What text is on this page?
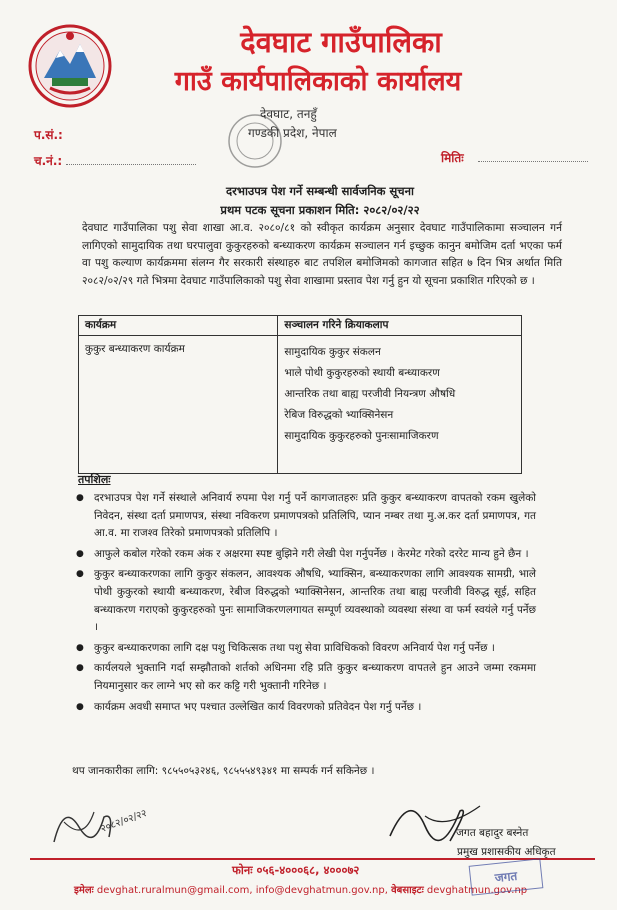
देवघाट गाउँपालिका
गाउँ कार्यपालिकाको कार्यालय
देवघाट, तनहुँ
गण्डकी प्रदेश, नेपाल
प.सं.:
च.नं.:	मितिः
दरभाउपत्र पेश गर्ने सम्बन्धी सार्वजनिक सूचना
प्रथम पटक सूचना प्रकाशन मिति: २०८२/०२/२२
देवघाट गाउँपालिका पशु सेवा शाखा आ.व. २०८०/८१ को स्वीकृत कार्यक्रम अनुसार देवघाट गाउँपालिकामा सञ्चालन गर्न लागिएको सामुदायिक तथा घरपालुवा कुकुरहरुको बन्ध्याकरण कार्यक्रम सञ्चालन गर्न इच्छुक कानुन बमोजिम दर्ता भएका फर्म वा पशु कल्याण कार्यक्रममा संलग्न गैर सरकारी संस्थाहरु बाट तपशिल बमोजिमको कागजात सहित ७ दिन भित्र अर्थात मिति २०८२/०२/२९ गते भित्रमा देवघाट गाउँपालिकाको पशु सेवा शाखामा प्रस्ताव पेश गर्नु हुन यो सूचना प्रकाशित गरिएको छ ।
कार्यक्रम	सञ्चालन गरिने क्रियाकलाप
कुकुर बन्ध्याकरण कार्यक्रम	सामुदायिक कुकुर संकलन
भाले पोथी कुकुरहरुको स्थायी बन्ध्याकरण
आन्तरिक तथा बाह्य परजीवी नियन्त्रण औषधि
रेबिज विरुद्धको भ्याक्सिनेसन
सामुदायिक कुकुरहरुको पुनःसामाजिकरण
तपशिलः
● दरभाउपत्र पेश गर्ने संस्थाले अनिवार्य रुपमा पेश गर्नु पर्ने कागजातहरुः प्रति कुकुर बन्ध्याकरण वापतको रकम खुलेको निवेदन, संस्था दर्ता प्रमाणपत्र, संस्था नविकरण प्रमाणपत्रको प्रतिलिपि, प्यान नम्बर तथा मु.अ.कर दर्ता प्रमाणपत्र, गत आ.व. मा राजश्व तिरेको प्रमाणपत्रको प्रतिलिपि ।
● आफुले कबोल गरेको रकम अंक र अक्षरमा स्पष्ट बुझिने गरी लेखी पेश गर्नुपर्नेछ । केरमेट गरेको दररेट मान्य हुने छैन ।
● कुकुर बन्ध्याकरणका लागि कुकुर संकलन, आवश्यक औषधि, भ्याक्सिन, बन्ध्याकरणका लागि आवश्यक सामग्री, भाले पोथी कुकुरको स्थायी बन्ध्याकरण, रेबीज विरुद्धको भ्याक्सिनेसन, आन्तरिक तथा बाह्य परजीवी विरुद्ध सूई, सहित बन्ध्याकरण गराएको कुकुरहरुको पुनः सामाजिकरणलगायत सम्पूर्ण व्यवस्थाको व्यवस्था संस्था वा फर्म स्वयंले गर्नु पर्नेछ ।
● कुकुर बन्ध्याकरणका लागि दक्ष पशु चिकित्सक तथा पशु सेवा प्राविधिकको विवरण अनिवार्य पेश गर्नु पर्नेछ ।
● कार्यलयले भुक्तानि गर्दा सम्झौताको शर्तको अधिनमा रहि प्रति कुकुर बन्ध्याकरण वापतले हुन आउने जम्मा रकममा नियमानुसार कर लाग्ने भए सो कर कट्टि गरी भुक्तानी गरिनेछ ।
● कार्यक्रम अवधी समाप्त भए पश्चात उल्लेखित कार्य विवरणको प्रतिवेदन पेश गर्नु पर्नेछ ।
थप जानकारीका लागि: ९८५५०५३२४६, ९८५५५४९३४१ मा सम्पर्क गर्न सकिनेछ ।
२०८२/०२/२२	जगत बहादुर बस्नेत
प्रमुख प्रशासकीय अधिकृत
फोनः ०५६-४०००६८, ४०००७२
इमेलः devghat.ruralmun@gmail.com, info@devghatmun.gov.np, वेबसाइटः devghatmun.gov.np
जगत
